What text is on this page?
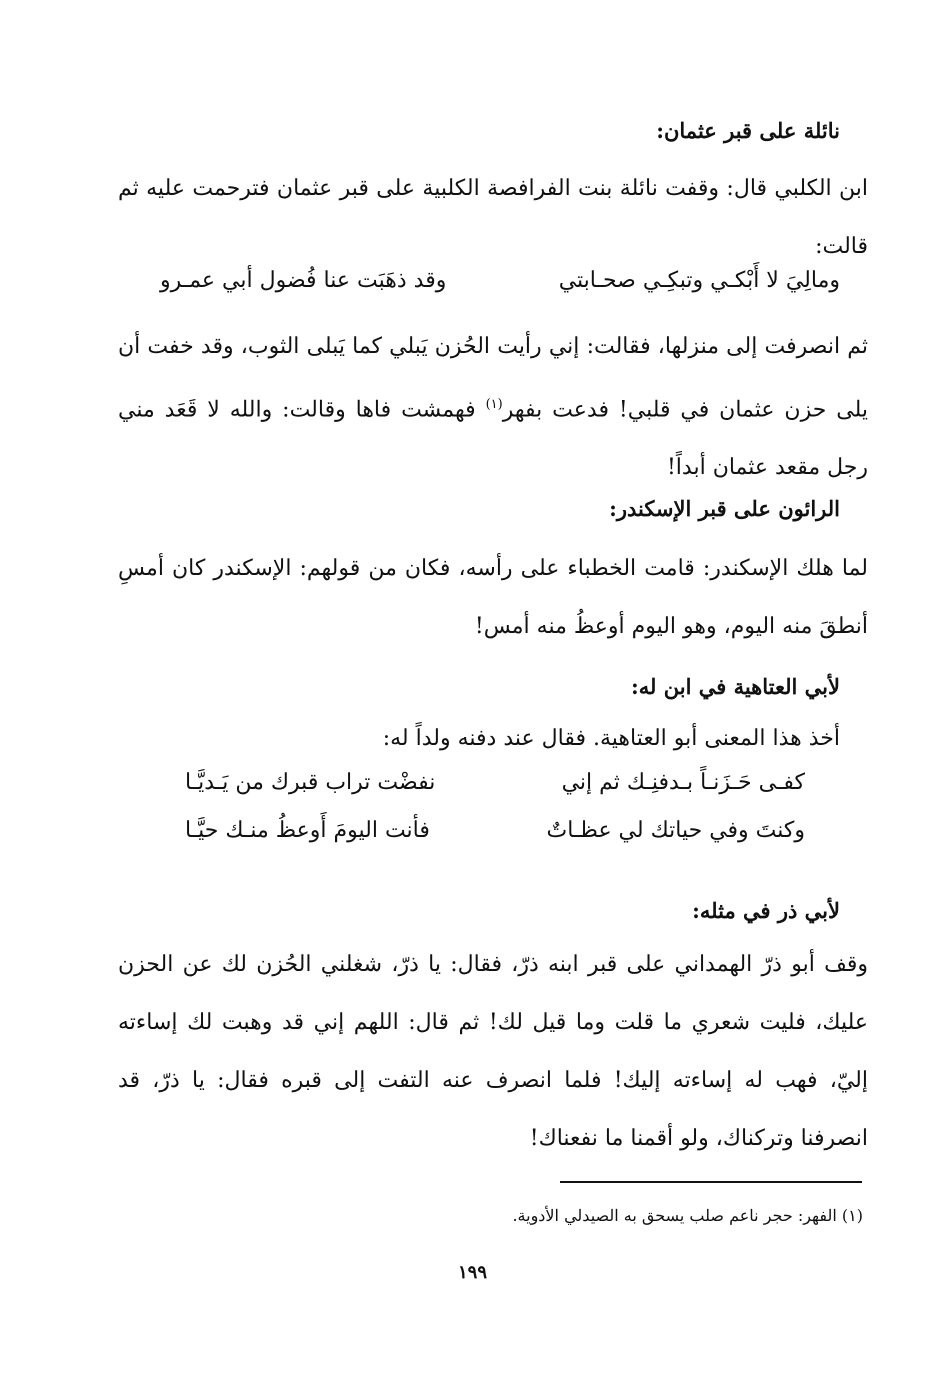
نائلة على قبر عثمان:

ابن الكلبي قال: وقفت نائلة بنت الفرافصة الكلبية على قبر عثمان فترحمت عليه ثم قالت:

ومالِيَ لا أَبْكـي وتبكِـي صحـابتي
وقد ذهَبَت عنا فُضول أبي عمـرو

ثم انصرفت إلى منزلها، فقالت: إني رأيت الحُزن يَبلي كما يَبلى الثوب، وقد خفت أن يلى حزن عثمان في قلبي! فدعت بفهر$^{(١)}$ فهمشت فاها وقالت: والله لا قَعَد مني رجل مقعد عثمان أبداً!

الرائون على قبر الإسكندر:

لما هلك الإسكندر: قامت الخطباء على رأسه، فكان من قولهم: الإسكندر كان أمسِ أنطقَ منه اليوم، وهو اليوم أوعظُ منه أمس!

لأبي العتاهية في ابن له:
أخذ هذا المعنى أبو العتاهية. فقال عند دفنه ولداً له:
كفـى حَـزَنـاً بـدفنِـك ثم إني
نفضْت تراب قبرك من يَـديَّـا
وكنتَ وفي حياتك لي عظـاتٌ
فأنت اليومَ أَوعظُ منـك حيَّـا
لأبي ذر في مثله:

وقف أبو ذرّ الهمداني على قبر ابنه ذرّ، فقال: يا ذرّ، شغلني الحُزن لك عن الحزن عليك، فليت شعري ما قلت وما قيل لك! ثم قال: اللهم إني قد وهبت لك إساءته إليّ، فهب له إساءته إليك! فلما انصرف عنه التفت إلى قبره فقال: يا ذرّ، قد انصرفنا وتركناك، ولو أقمنا ما نفعناك!

(١) الفهر: حجر ناعم صلب يسحق به الصيدلي الأدوية.
١٩٩
